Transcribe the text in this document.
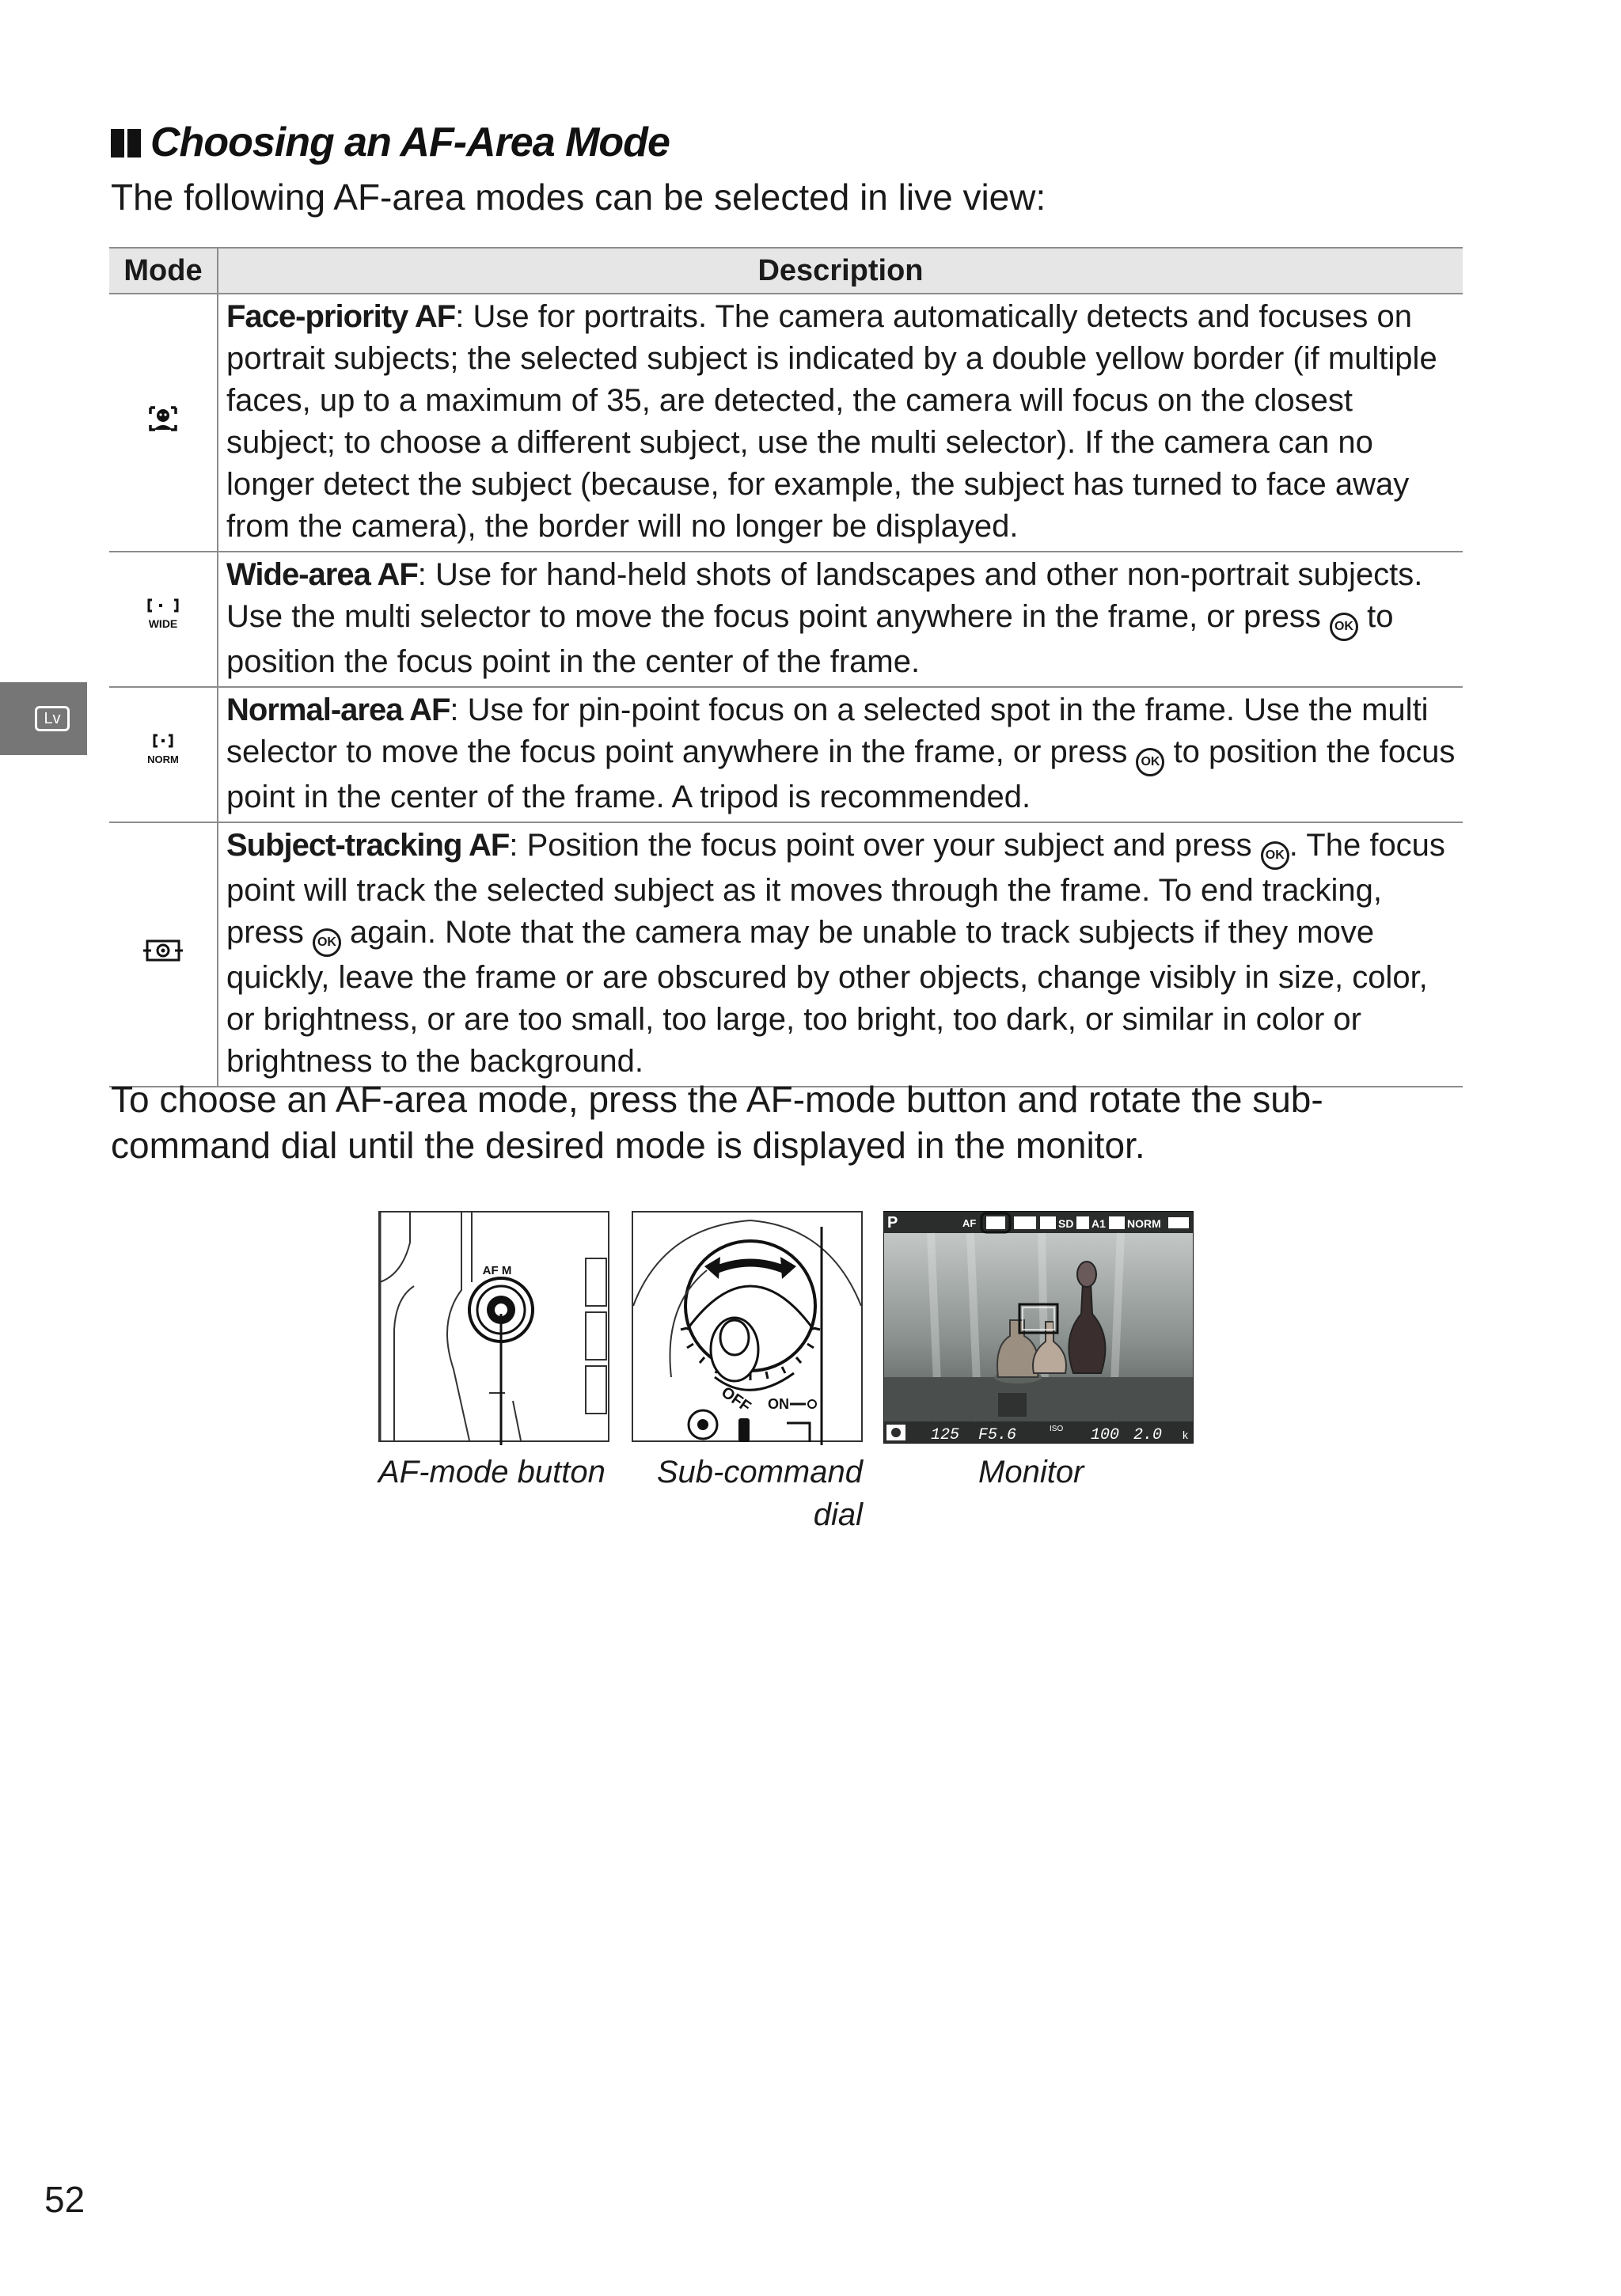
Lv
Choosing an AF-Area Mode
The following AF-area modes can be selected in live view:
Mode	Description
	Face-priority AF: Use for portraits. The camera automatically detects and focuses on portrait subjects; the selected subject is indicated by a double yellow border (if multiple faces, up to a maximum of 35, are detected, the camera will focus on the closest subject; to choose a different subject, use the multi selector). If the camera can no longer detect the subject (because, for example, the subject has turned to face away from the camera), the border will no longer be displayed.

WIDE	Wide-area AF: Use for hand-held shots of landscapes and other non-portrait subjects. Use the multi selector to move the focus point anywhere in the frame, or press OK to position the focus point in the center of the frame.

NORM	Normal-area AF: Use for pin-point focus on a selected spot in the frame. Use the multi selector to move the focus point anywhere in the frame, or press OK to position the focus point in the center of the frame. A tripod is recommended.
	Subject-tracking AF: Position the focus point over your subject and press OK . The focus point will track the selected subject as it moves through the frame. To end tracking, press OK again. Note that the camera may be unable to track subjects if they move quickly, leave the frame or are obscured by other objects, change visibly in size, color, or brightness, or are too small, too large, too bright, too dark, or similar in color or brightness to the background.
To choose an AF-area mode, press the AF-mode button and rotate the sub-command dial until the desired mode is displayed in the monitor.
AF M
AF-mode button
OFF ON
Sub-command
dial
P	AF	SD A1 NORM
125 F5.6	ISO 100 2.0 k
Monitor
52
